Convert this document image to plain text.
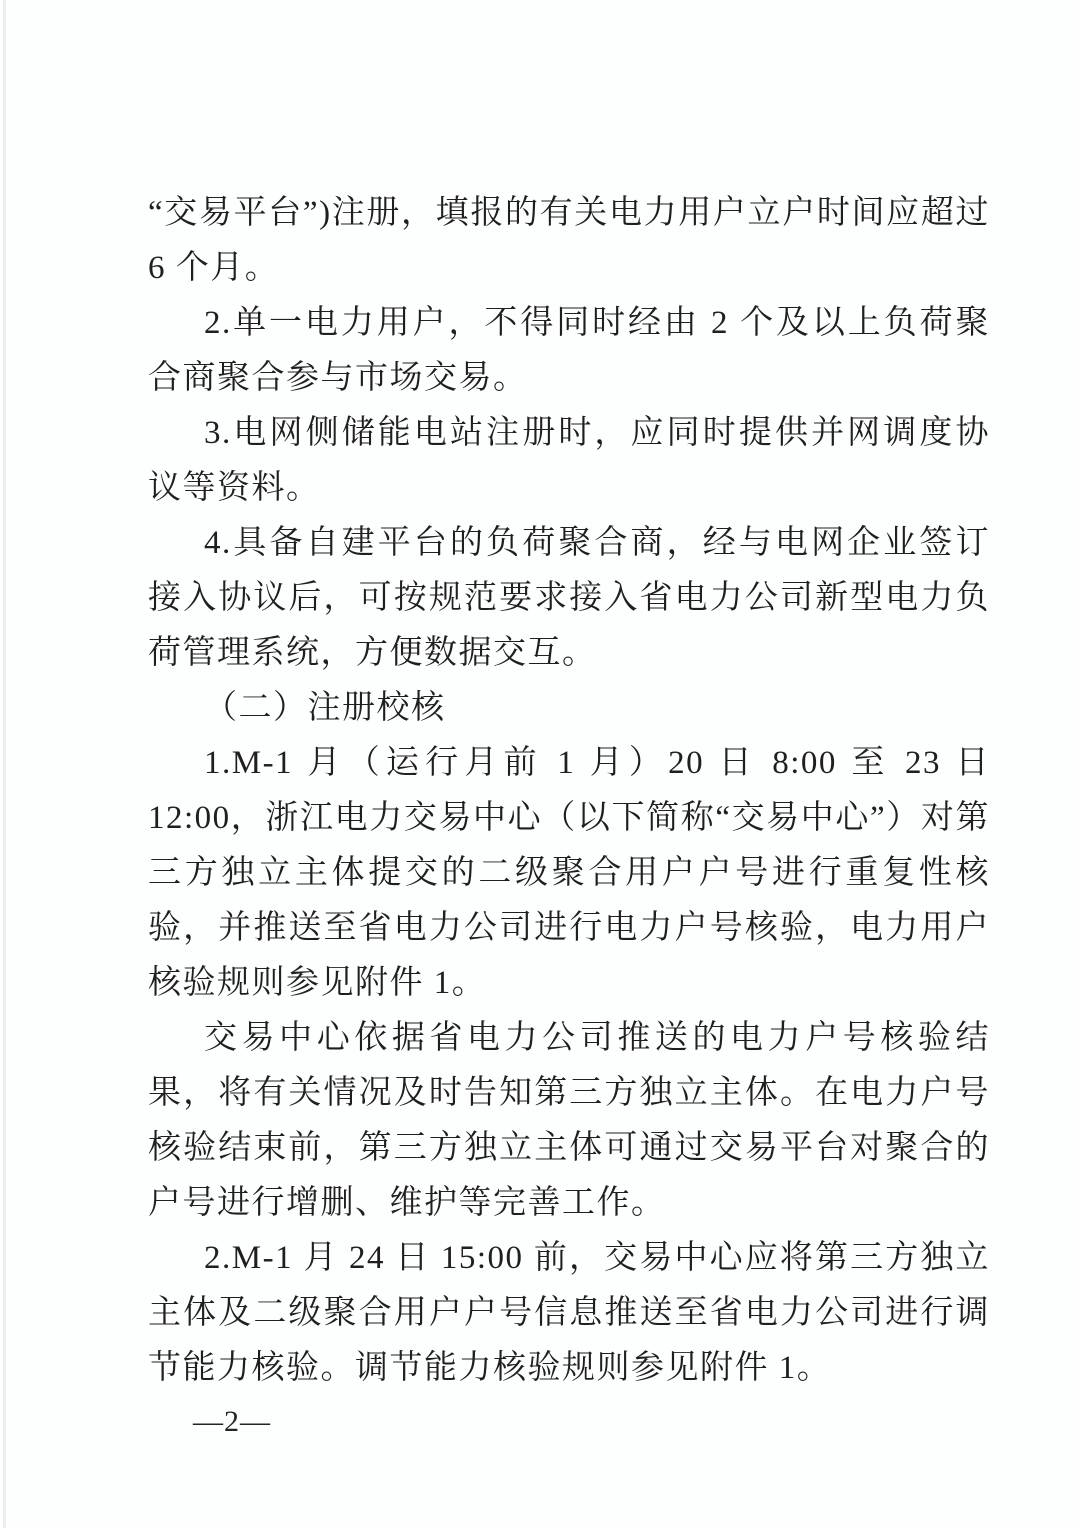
“交易平台”)注册，填报的有关电力用户立户时间应超过 6 个月。

2.单一电力用户，不得同时经由 2 个及以上负荷聚合商聚合参与市场交易。

3.电网侧储能电站注册时，应同时提供并网调度协议等资料。

4.具备自建平台的负荷聚合商，经与电网企业签订接入协议后，可按规范要求接入省电力公司新型电力负荷管理系统，方便数据交互。

（二）注册校核

1.M-1 月（运行月前 1 月）20 日 8:00 至 23 日 12:00，浙江电力交易中心（以下简称“交易中心”）对第三方独立主体提交的二级聚合用户户号进行重复性核验，并推送至省电力公司进行电力户号核验，电力用户核验规则参见附件 1。

交易中心依据省电力公司推送的电力户号核验结果，将有关情况及时告知第三方独立主体。在电力户号核验结束前，第三方独立主体可通过交易平台对聚合的户号进行增删、维护等完善工作。

2.M-1 月 24 日 15:00 前，交易中心应将第三方独立主体及二级聚合用户户号信息推送至省电力公司进行调节能力核验。调节能力核验规则参见附件 1。

—2—
